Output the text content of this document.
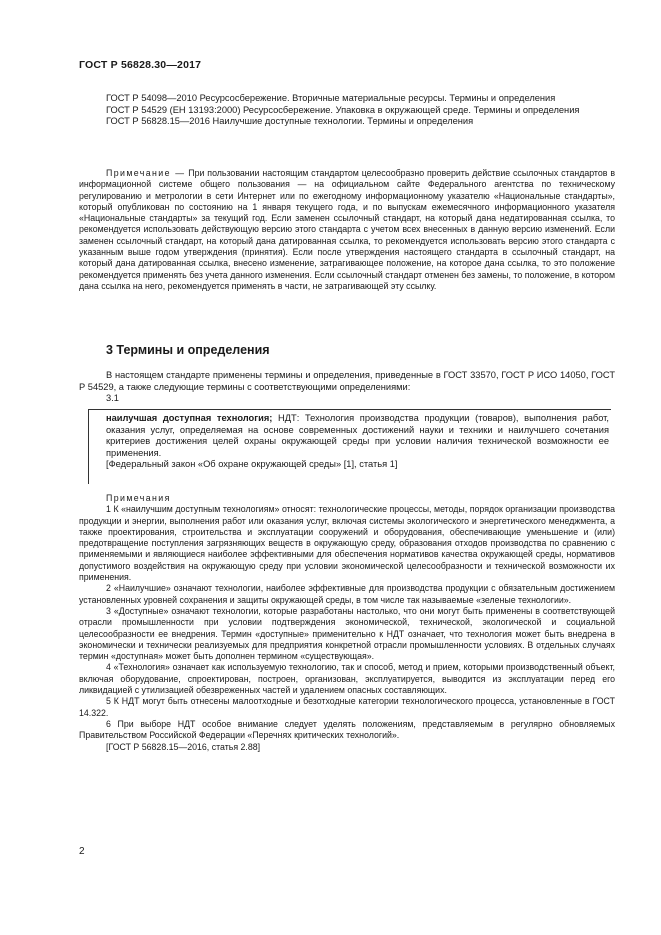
ГОСТ Р 56828.30—2017

ГОСТ Р 54098—2010 Ресурсосбережение. Вторичные материальные ресурсы. Термины и определения

ГОСТ Р 54529 (ЕН 13193:2000) Ресурсосбережение. Упаковка в окружающей среде. Термины и определения

ГОСТ Р 56828.15—2016 Наилучшие доступные технологии. Термины и определения

Примечание — При пользовании настоящим стандартом целесообразно проверить действие ссылочных стандартов в информационной системе общего пользования — на официальном сайте Федерального агентства по техническому регулированию и метрологии в сети Интернет или по ежегодному информационному указателю «Национальные стандарты», который опубликован по состоянию на 1 января текущего года, и по выпускам ежемесячного информационного указателя «Национальные стандарты» за текущий год. Если заменен ссылочный стандарт, на который дана недатированная ссылка, то рекомендуется использовать действующую версию этого стандарта с учетом всех внесенных в данную версию изменений. Если заменен ссылочный стандарт, на который дана датированная ссылка, то рекомендуется использовать версию этого стандарта с указанным выше годом утверждения (принятия). Если после утверждения настоящего стандарта в ссылочный стандарт, на который дана датированная ссылка, внесено изменение, затрагивающее положение, на которое дана ссылка, то это положение рекомендуется применять без учета данного изменения. Если ссылочный стандарт отменен без замены, то положение, в котором дана ссылка на него, рекомендуется применять в части, не затрагивающей эту ссылку.

3 Термины и определения

В настоящем стандарте применены термины и определения, приведенные в ГОСТ 33570, ГОСТ Р ИСО 14050, ГОСТ Р 54529, а также следующие термины с соответствующими определениями:

3.1

наилучшая доступная технология; НДТ: Технология производства продукции (товаров), выполнения работ, оказания услуг, определяемая на основе современных достижений науки и техники и наилучшего сочетания критериев достижения целей охраны окружающей среды при условии наличия технической возможности ее применения.

[Федеральный закон «Об охране окружающей среды» [1], статья 1]

Примечания

1 К «наилучшим доступным технологиям» относят: технологические процессы, методы, порядок организации производства продукции и энергии, выполнения работ или оказания услуг, включая системы экологического и энергетического менеджмента, а также проектирования, строительства и эксплуатации сооружений и оборудования, обеспечивающие уменьшение и (или) предотвращение поступления загрязняющих веществ в окружающую среду, образования отходов производства по сравнению с применяемыми и являющиеся наиболее эффективными для обеспечения нормативов качества окружающей среды, нормативов допустимого воздействия на окружающую среду при условии экономической целесообразности и технической возможности их применения.

2 «Наилучшие» означают технологии, наиболее эффективные для производства продукции с обязательным достижением установленных уровней сохранения и защиты окружающей среды, в том числе так называемые «зеленые технологии».

3 «Доступные» означают технологии, которые разработаны настолько, что они могут быть применены в соответствующей отрасли промышленности при условии подтверждения экономической, технической, экологической и социальной целесообразности ее внедрения. Термин «доступные» применительно к НДТ означает, что технология может быть внедрена в экономически и технически реализуемых для предприятия конкретной отрасли промышленности условиях. В отдельных случаях термин «доступная» может быть дополнен термином «существующая».

4 «Технология» означает как используемую технологию, так и способ, метод и прием, которыми производственный объект, включая оборудование, спроектирован, построен, организован, эксплуатируется, выводится из эксплуатации перед его ликвидацией с утилизацией обезвреженных частей и удалением опасных составляющих.

5 К НДТ могут быть отнесены малоотходные и безотходные категории технологического процесса, установленные в ГОСТ 14.322.

6 При выборе НДТ особое внимание следует уделять положениям, представляемым в регулярно обновляемых Правительством Российской Федерации «Перечнях критических технологий».

[ГОСТ Р 56828.15—2016, статья 2.88]

2
